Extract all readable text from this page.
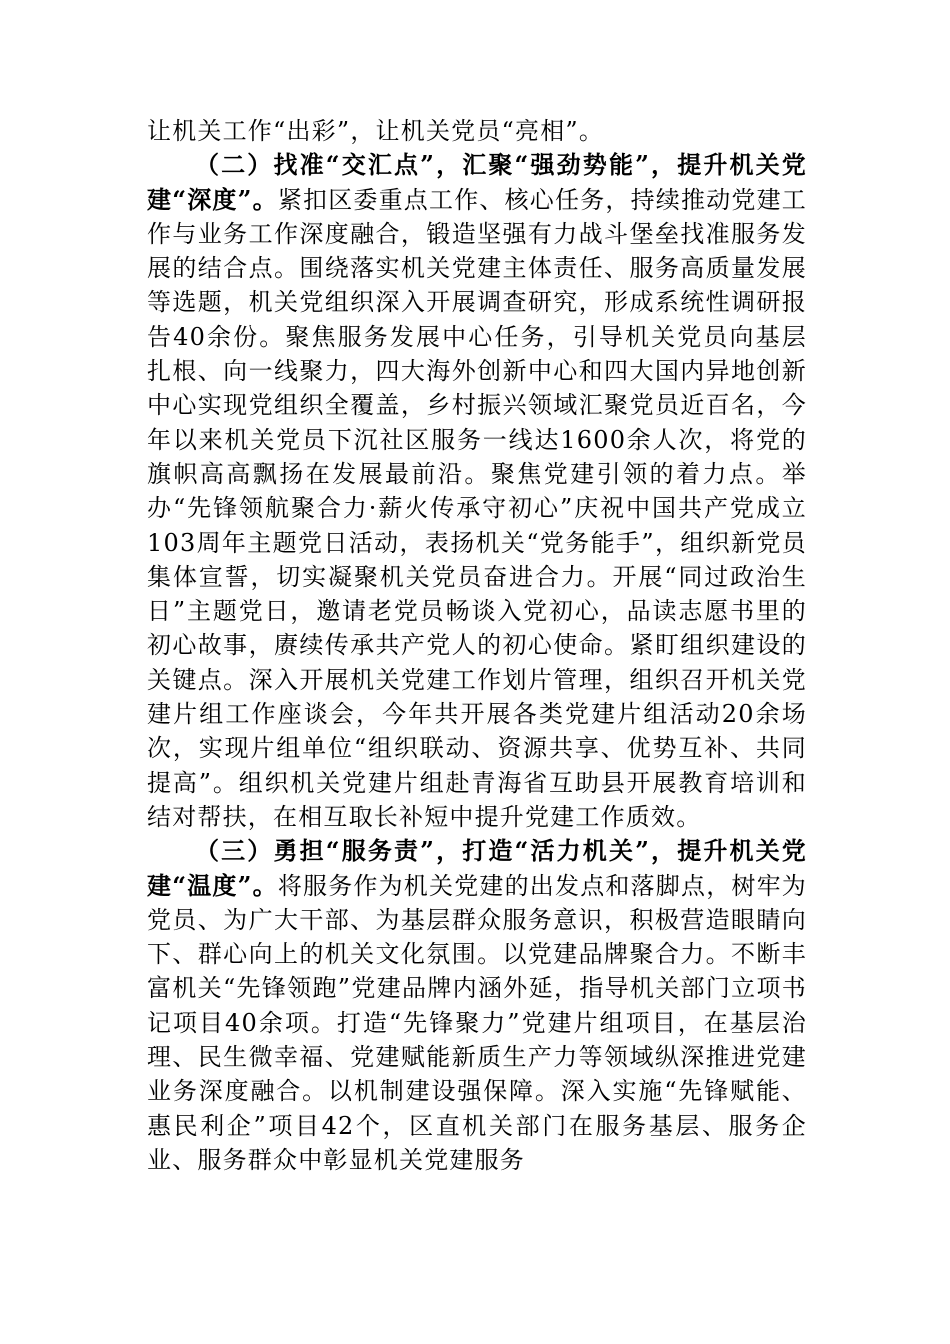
让机关工作“出彩”，让机关党员“亮相”。

（二）找准“交汇点”，汇聚“强劲势能”，提升机关党建“深度”。紧扣区委重点工作、核心任务，持续推动党建工作与业务工作深度融合，锻造坚强有力战斗堡垒找准服务发展的结合点。围绕落实机关党建主体责任、服务高质量发展等选题，机关党组织深入开展调查研究，形成系统性调研报告40余份。聚焦服务发展中心任务，引导机关党员向基层扎根、向一线聚力，四大海外创新中心和四大国内异地创新中心实现党组织全覆盖，乡村振兴领域汇聚党员近百名，今年以来机关党员下沉社区服务一线达1600余人次，将党的旗帜高高飘扬在发展最前沿。聚焦党建引领的着力点。举办“先锋领航聚合力·薪火传承守初心”庆祝中国共产党成立103周年主题党日活动，表扬机关“党务能手”，组织新党员集体宣誓，切实凝聚机关党员奋进合力。开展“同过政治生日”主题党日，邀请老党员畅谈入党初心，品读志愿书里的初心故事，赓续传承共产党人的初心使命。紧盯组织建设的关键点。深入开展机关党建工作划片管理，组织召开机关党建片组工作座谈会，今年共开展各类党建片组活动20余场次，实现片组单位“组织联动、资源共享、优势互补、共同提高”。组织机关党建片组赴青海省互助县开展教育培训和结对帮扶，在相互取长补短中提升党建工作质效。

（三）勇担“服务责”，打造“活力机关”，提升机关党建“温度”。将服务作为机关党建的出发点和落脚点，树牢为党员、为广大干部、为基层群众服务意识，积极营造眼睛向下、群心向上的机关文化氛围。以党建品牌聚合力。不断丰富机关“先锋领跑”党建品牌内涵外延，指导机关部门立项书记项目40余项。打造“先锋聚力”党建片组项目，在基层治理、民生微幸福、党建赋能新质生产力等领域纵深推进党建业务深度融合。以机制建设强保障。深入实施“先锋赋能、惠民利企”项目42个，区直机关部门在服务基层、服务企业、服务群众中彰显机关党建服务
